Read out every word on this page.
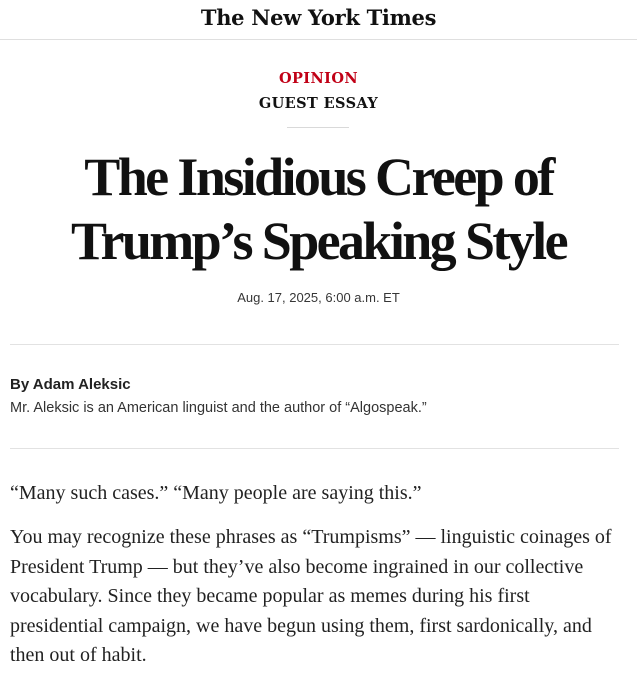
The New York Times
OPINION
GUEST ESSAY
The Insidious Creep of
Trump’s Speaking Style
Aug. 17, 2025, 6:00 a.m. ET
By Adam Aleksic
Mr. Aleksic is an American linguist and the author of “Algospeak.”

“Many such cases.” “Many people are saying this.”

You may recognize these phrases as “Trumpisms” — linguistic coinages of President Trump — but they’ve also become ingrained in our collective vocabulary. Since they became popular as memes during his first presidential campaign, we have begun using them, first sardonically, and then out of habit.
